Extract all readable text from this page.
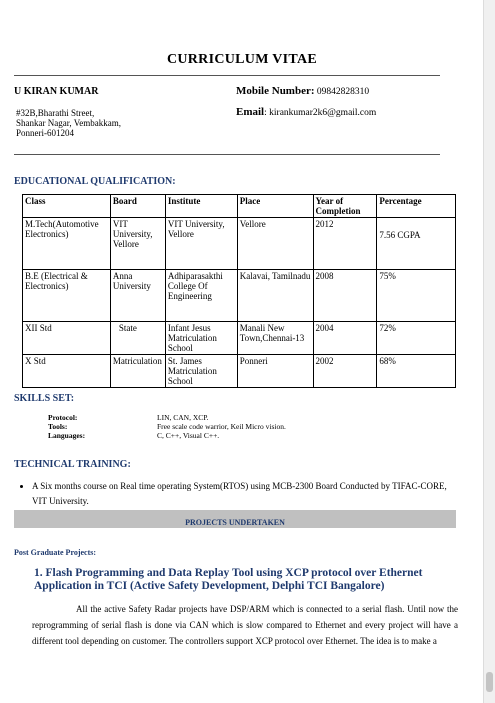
CURRICULUM VITAE
U KIRAN KUMAR
#32B,Bharathi Street,
Shankar Nagar, Vembakkam,
Ponneri-601204
Mobile Number: 09842828310
Email: kirankumar2k6@gmail.com
EDUCATIONAL QUALIFICATION:
Class	Board	Institute	Place	Year of Completion	Percentage
M.Tech(Automotive Electronics)	VIT University, Vellore	VIT University, Vellore	Vellore	2012	7.56 CGPA
B.E (Electrical & Electronics)	Anna University	Adhiparasakthi College Of Engineering	Kalavai, Tamilnadu	2008	75%
XII Std	State	Infant Jesus Matriculation School	Manali New Town,Chennai-13	2004	72%
X Std	Matriculation	St. James Matriculation School	Ponneri	2002	68%
SKILLS SET:
Protocol:	LIN, CAN, XCP.
Tools:	Free scale code warrior, Keil Micro vision.
Languages:	C, C++, Visual C++.
TECHNICAL TRAINING:
• A Six months course on Real time operating System(RTOS) using MCB-2300 Board Conducted by TIFAC-CORE, VIT University.
PROJECTS UNDERTAKEN
Post Graduate Projects:
1. Flash Programming and Data Replay Tool using XCP protocol over Ethernet Application in TCI (Active Safety Development, Delphi TCI Bangalore)
All the active Safety Radar projects have DSP/ARM which is connected to a serial flash. Until now the reprogramming of serial flash is done via CAN which is slow compared to Ethernet and every project will have a different tool depending on customer. The controllers support XCP protocol over Ethernet. The idea is to make a
